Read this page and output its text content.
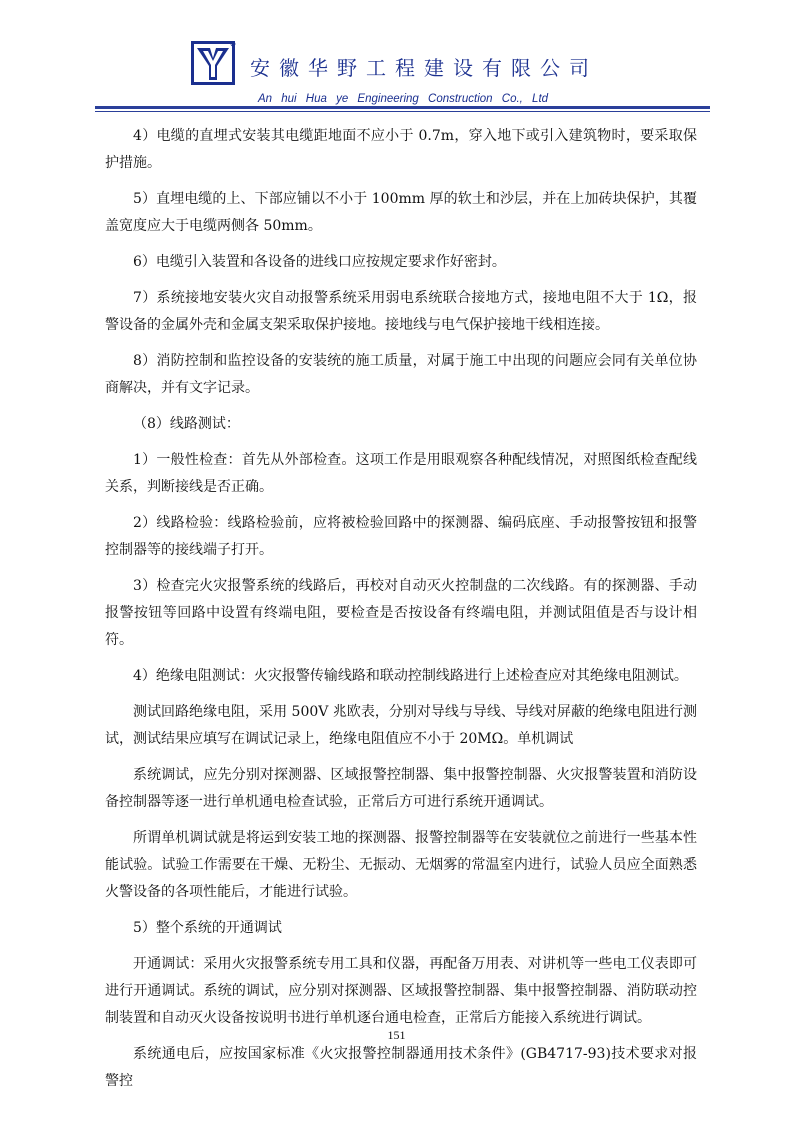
安徽华野工程建设有限公司
An hui Hua ye Engineering Construction Co., Ltd

4）电缆的直埋式安装其电缆距地面不应小于 0.7m，穿入地下或引入建筑物时，要采取保护措施。

5）直埋电缆的上、下部应铺以不小于 100mm 厚的软土和沙层，并在上加砖块保护，其覆盖宽度应大于电缆两侧各 50mm。

6）电缆引入装置和各设备的进线口应按规定要求作好密封。

7）系统接地安装火灾自动报警系统采用弱电系统联合接地方式，接地电阻不大于 1Ω，报警设备的金属外壳和金属支架采取保护接地。接地线与电气保护接地干线相连接。

8）消防控制和监控设备的安装统的施工质量，对属于施工中出现的问题应会同有关单位协商解决，并有文字记录。

（8）线路测试：

1）一般性检查：首先从外部检查。这项工作是用眼观察各种配线情况，对照图纸检查配线关系，判断接线是否正确。

2）线路检验：线路检验前，应将被检验回路中的探测器、编码底座、手动报警按钮和报警控制器等的接线端子打开。

3）检查完火灾报警系统的线路后，再校对自动灭火控制盘的二次线路。有的探测器、手动报警按钮等回路中设置有终端电阻，要检查是否按设备有终端电阻，并测试阻值是否与设计相符。

4）绝缘电阻测试：火灾报警传输线路和联动控制线路进行上述检查应对其绝缘电阻测试。

测试回路绝缘电阻，采用 500V 兆欧表，分别对导线与导线、导线对屏蔽的绝缘电阻进行测试，测试结果应填写在调试记录上，绝缘电阻值应不小于 20MΩ。单机调试

系统调试，应先分别对探测器、区域报警控制器、集中报警控制器、火灾报警装置和消防设备控制器等逐一进行单机通电检查试验，正常后方可进行系统开通调试。

所谓单机调试就是将运到安装工地的探测器、报警控制器等在安装就位之前进行一些基本性能试验。试验工作需要在干燥、无粉尘、无振动、无烟雾的常温室内进行，试验人员应全面熟悉火警设备的各项性能后，才能进行试验。

5）整个系统的开通调试

开通调试：采用火灾报警系统专用工具和仪器，再配备万用表、对讲机等一些电工仪表即可进行开通调试。系统的调试，应分别对探测器、区域报警控制器、集中报警控制器、消防联动控制装置和自动灭火设备按说明书进行单机逐台通电检查，正常后方能接入系统进行调试。

系统通电后，应按国家标准《火灾报警控制器通用技术条件》(GB4717-93)技术要求对报警控

151
